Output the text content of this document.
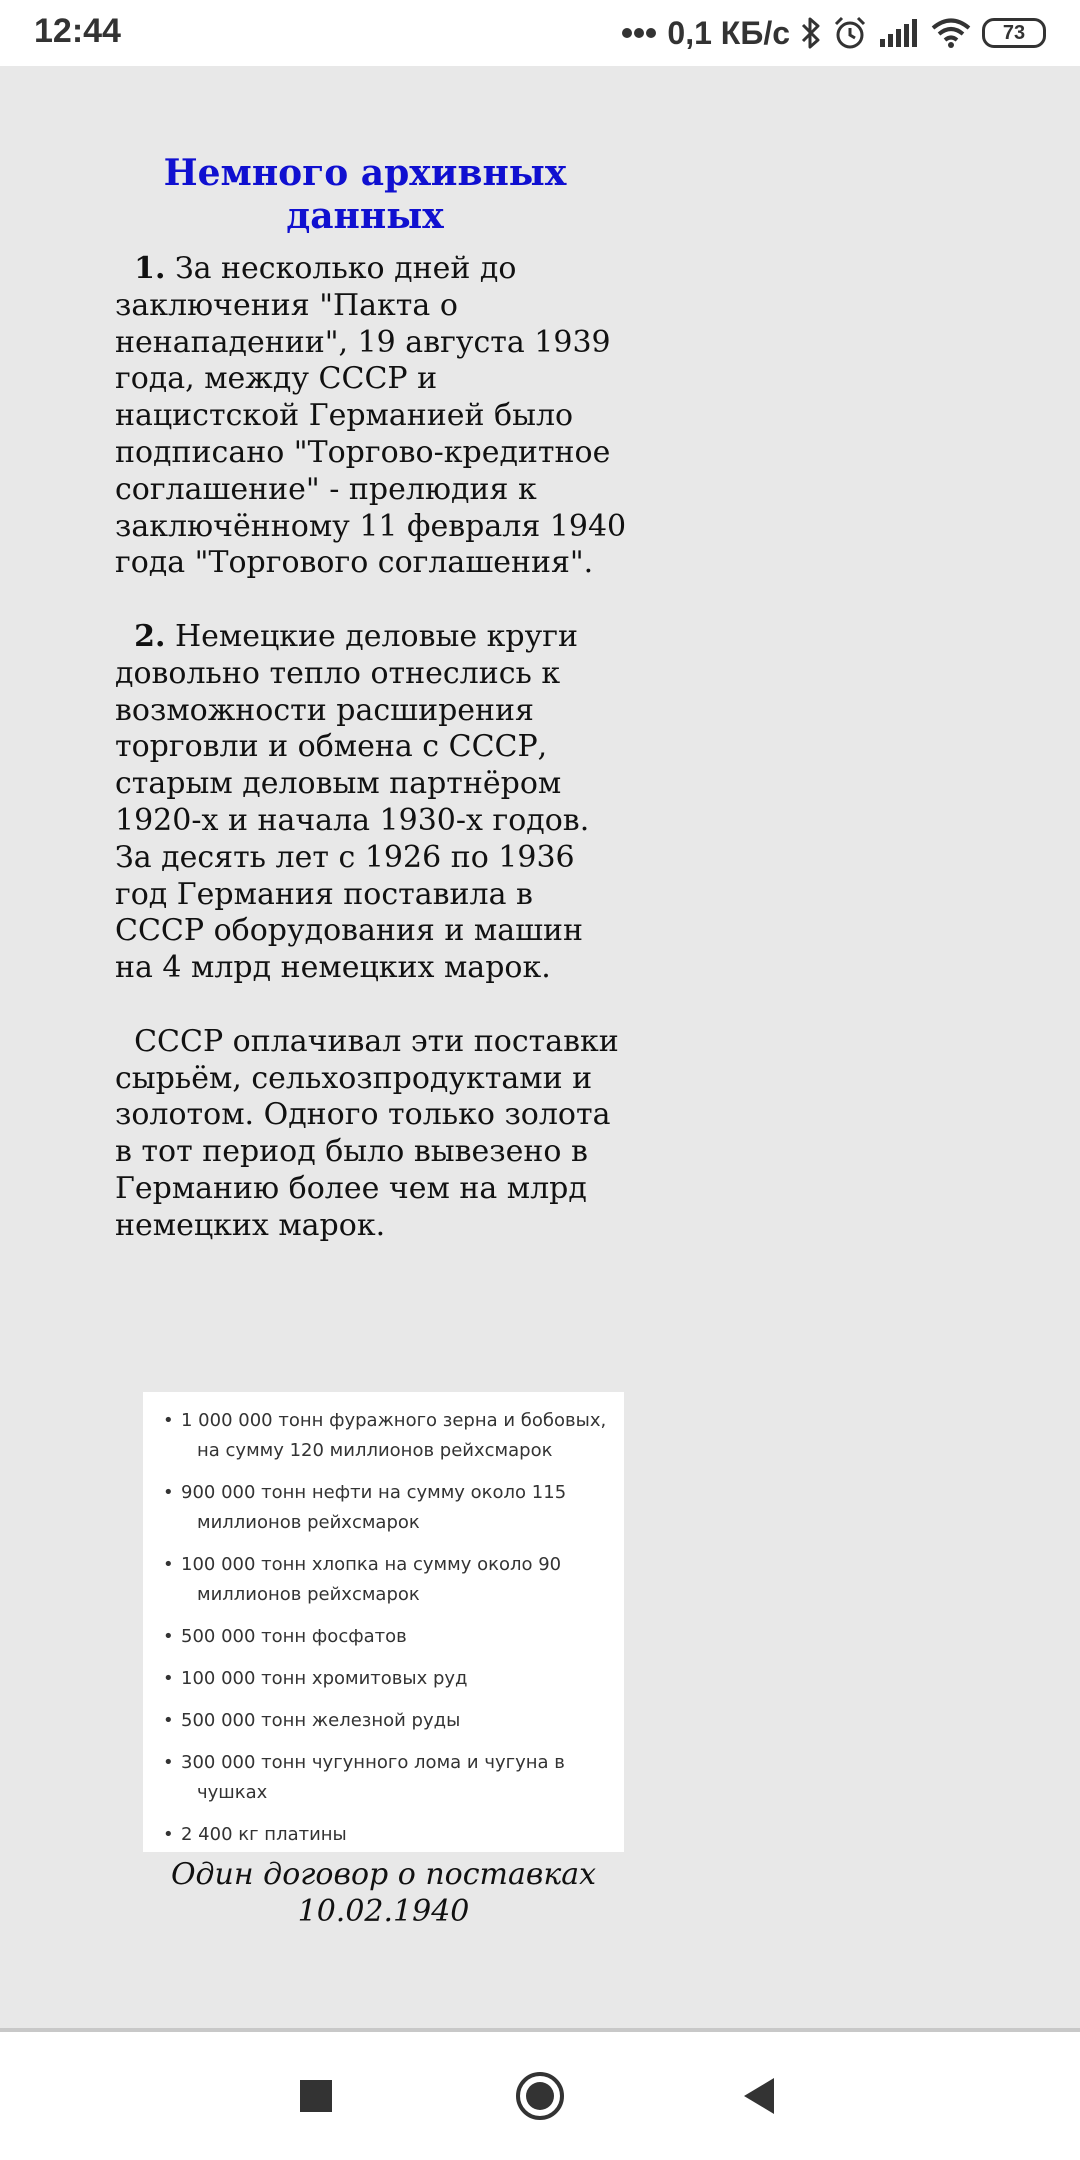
12:44	0,1 КБ/с	73
Немного архивных данных

1. За несколько дней до заключения "Пакта о ненападении", 19 августа 1939 года, между СССР и нацистской Германией было подписано "Торгово-кредитное соглашение" - прелюдия к заключённому 11 февраля 1940 года "Торгового соглашения".

2. Немецкие деловые круги довольно тепло отнеслись к возможности расширения торговли и обмена с СССР, старым деловым партнёром 1920-х и начала 1930-х годов. За десять лет с 1926 по 1936 год Германия поставила в СССР оборудования и машин на 4 млрд немецких марок.

СССР оплачивал эти поставки сырьём, сельхозпродуктами и золотом. Одного только золота в тот период было вывезено в Германию более чем на млрд немецких марок.

• 1 000 000 тонн фуражного зерна и бобовых, на сумму 120 миллионов рейхсмарок
• 900 000 тонн нефти на сумму около 115 миллионов рейхсмарок
• 100 000 тонн хлопка на сумму около 90 миллионов рейхсмарок
• 500 000 тонн фосфатов
• 100 000 тонн хромитовых руд
• 500 000 тонн железной руды
• 300 000 тонн чугунного лома и чугуна в чушках
• 2 400 кг платины
Один договор о поставках 10.02.1940
